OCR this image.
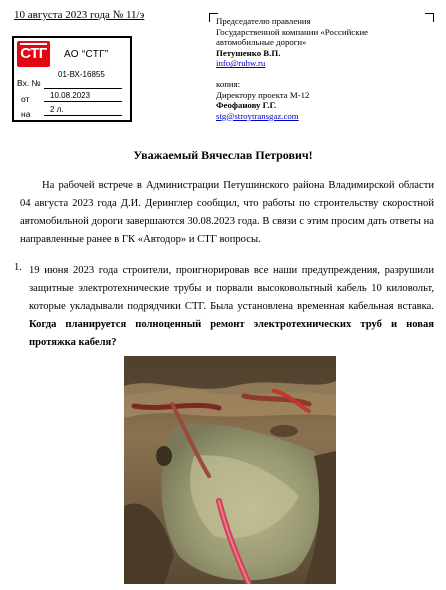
10 августа 2023 года № 11/э
СТГ	АО “СТГ”
Вх. №
01-ВХ-16855
от	10.08.2023
на 2 л.
Председателю правления
Государственной компании «Российские
автомобильные дороги»
Петушенко В.П.
info@ruhw.ru
копия:
Директору проекта М-12
Феофанову Г.Г.
stg@stroytransgaz.com
Уважаемый Вячеслав Петрович!
На рабочей встрече в Администрации Петушинского района Владимирской области 04 августа 2023 года Д.И. Деринглер сообщил, что работы по строительству скоростной автомобильной дороги завершаются 30.08.2023 года. В связи с этим просим дать ответы на направленные ранее в ГК «Автодор» и СТГ вопросы.
1. 19 июня 2023 года строители, проигнорировав все наши предупреждения, разрушили защитные электротехнические трубы и порвали высоковольтный кабель 10 киловольт, которые укладывали подрядчики СТГ. Была установлена временная кабельная вставка. Когда планируется полноценный ремонт электротехнических труб и новая протяжка кабеля?
